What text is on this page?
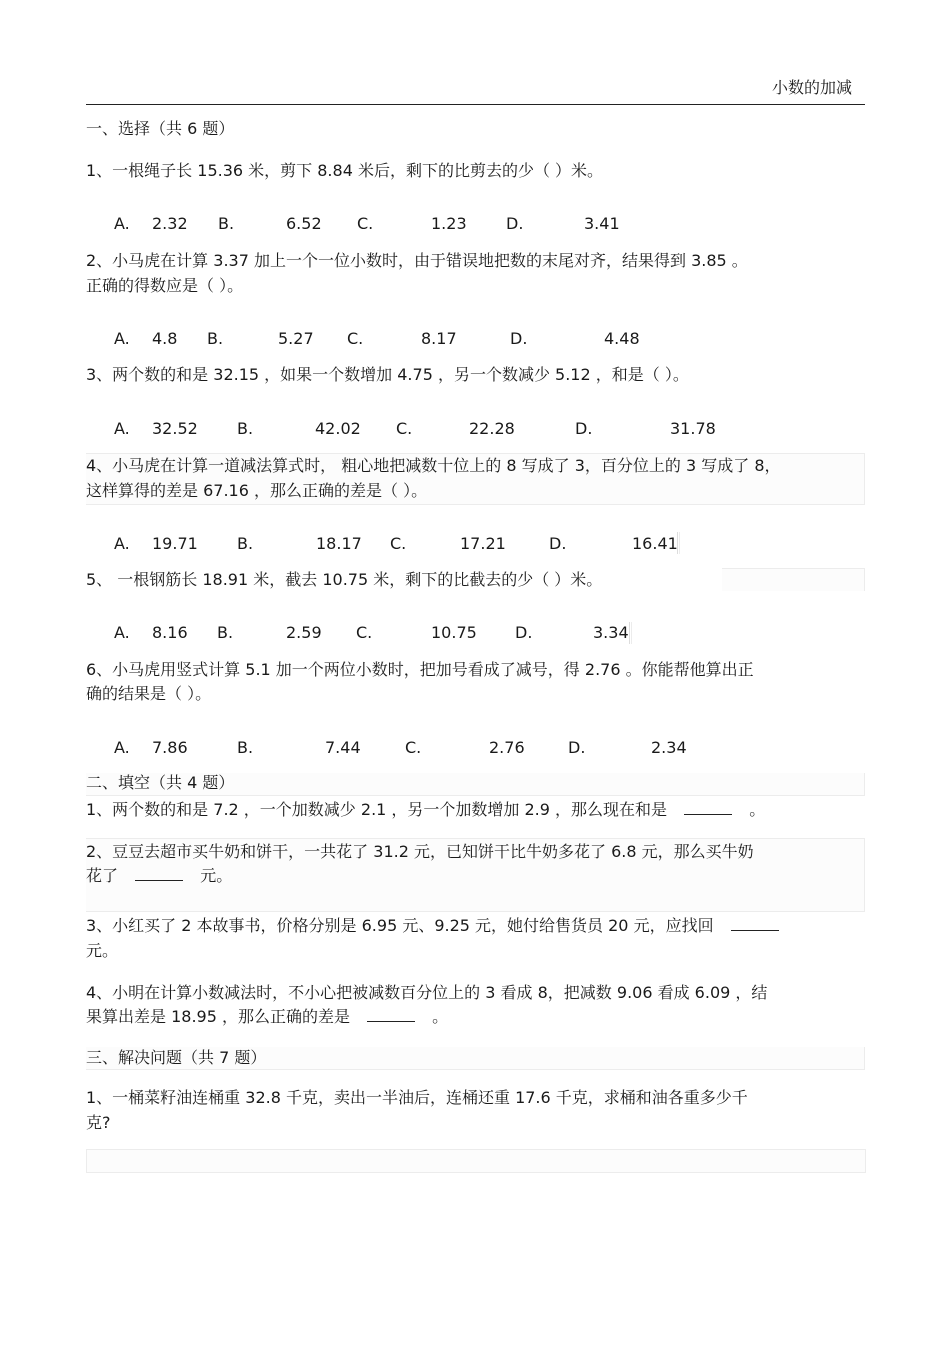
小数的加减
一、选择（共 6 题）
1、一根绳子长 15.36 米，剪下 8.84 米后，剩下的比剪去的少（ ）米。
A. 2.32 B.	6.52 C.	1.23 D.	3.41
2、小马虎在计算 3.37 加上一个一位小数时，由于错误地把数的末尾对齐，结果得到 3.85 。
正确的得数应是（ ）。
A. 4.8 B.	5.27 C.	8.17	D.	4.48
3、两个数的和是 32.15 ，如果一个数增加 4.75 ，另一个数减少 5.12 ，和是（ ）。
A. 32.52 B.	42.02 C.	22.28	D.	31.78
4、小马虎在计算一道减法算式时， 粗心地把减数十位上的 8 写成了 3，百分位上的 3 写成了 8，
这样算得的差是 67.16 ，那么正确的差是（ ）。
A. 19.71 B.	18.17 C.	17.21	D.	16.41
5、 一根钢筋长 18.91 米，截去 10.75 米，剩下的比截去的少（ ）米。
A. 8.16 B.	2.59 C.	10.75 D.	3.34
6、小马虎用竖式计算 5.1 加一个两位小数时，把加号看成了减号，得 2.76 。你能帮他算出正
确的结果是（ ）。
A. 7.86	B.	7.44	C.	2.76	D.	2.34
二、填空（共 4 题）
1、两个数的和是 7.2 ，一个加数减少 2.1 ，另一个加数增加 2.9 ，那么现在和是	。
2、豆豆去超市买牛奶和饼干，一共花了 31.2 元，已知饼干比牛奶多花了 6.8 元，那么买牛奶
花了	元。
3、小红买了 2 本故事书，价格分别是 6.95 元、9.25 元，她付给售货员 20 元，应找回
元。
4、小明在计算小数减法时，不小心把被减数百分位上的 3 看成 8，把减数 9.06 看成 6.09 ，结
果算出差是 18.95 ，那么正确的差是	。
三、解决问题（共 7 题）
1、一桶菜籽油连桶重 32.8 千克，卖出一半油后，连桶还重 17.6 千克，求桶和油各重多少千
克?
